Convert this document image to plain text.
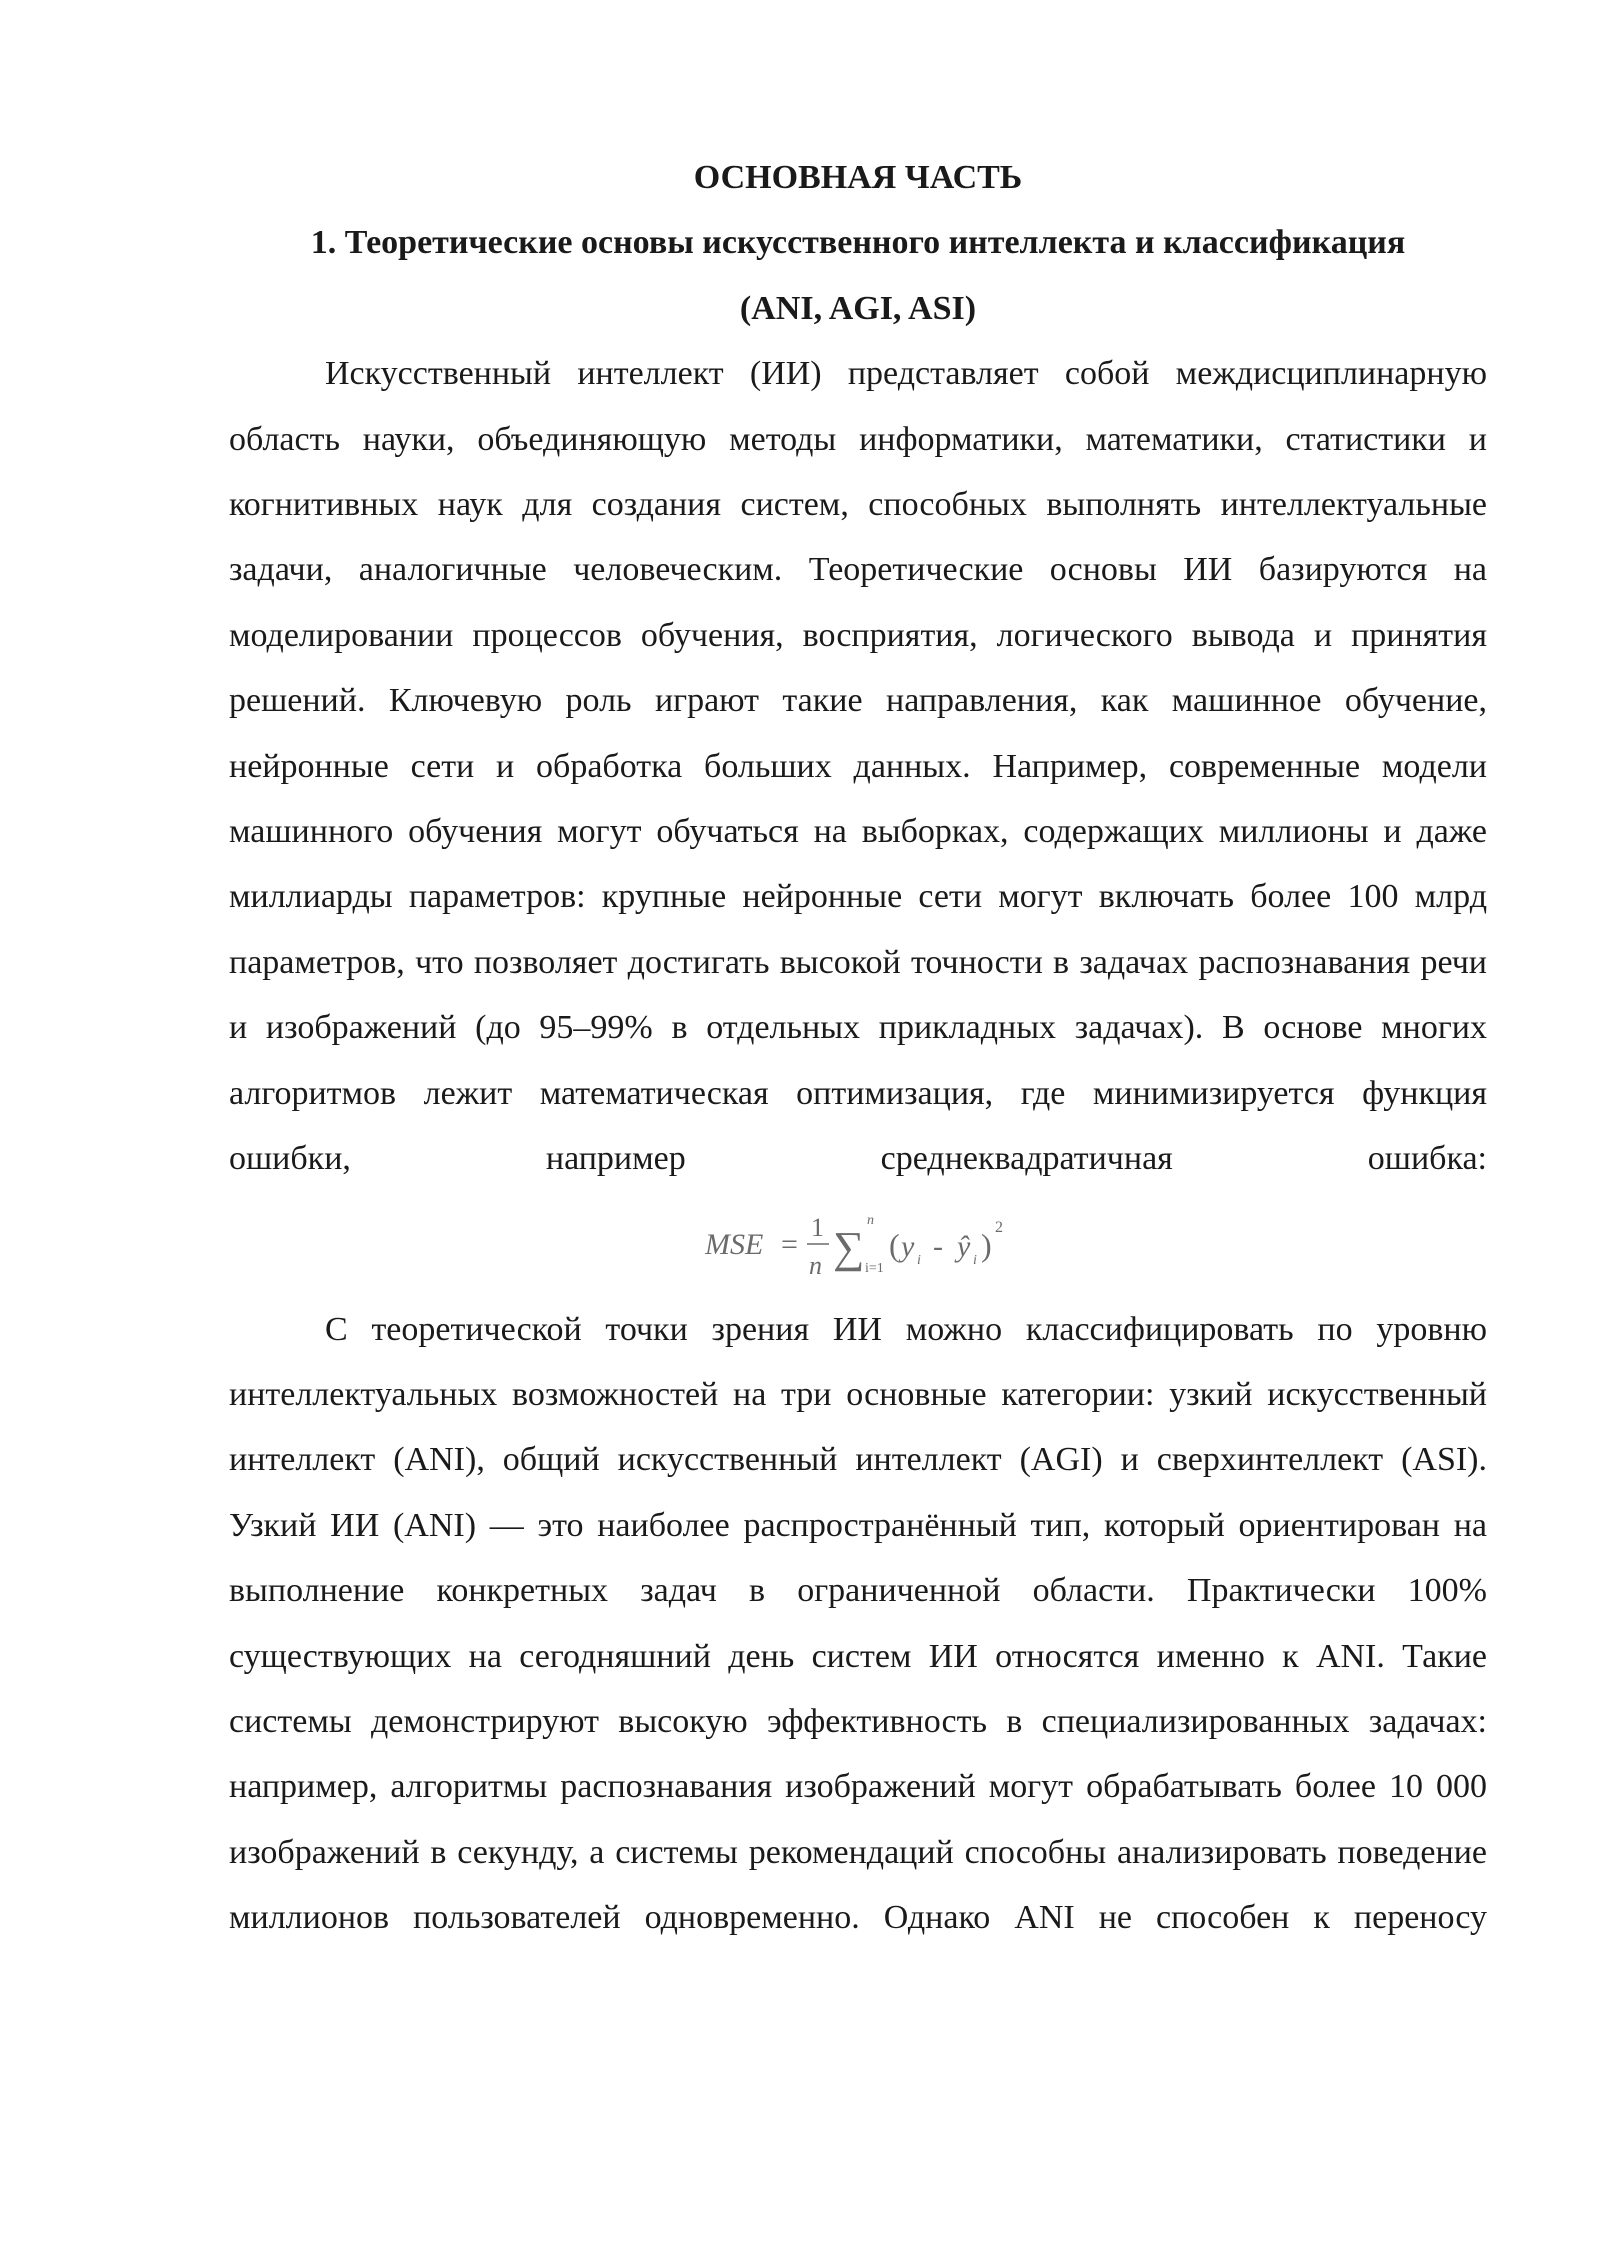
ОСНОВНАЯ ЧАСТЬ
1. Теоретические основы искусственного интеллекта и классификация
(ANI, AGI, ASI)

Искусственный интеллект (ИИ) представляет собой междисциплинарную область науки, объединяющую методы информатики, математики, статистики и когнитивных наук для создания систем, способных выполнять интеллектуальные задачи, аналогичные человеческим. Теоретические основы ИИ базируются на моделировании процессов обучения, восприятия, логического вывода и принятия решений. Ключевую роль играют такие направления, как машинное обучение, нейронные сети и обработка больших данных. Например, современные модели машинного обучения могут обучаться на выборках, содержащих миллионы и даже миллиарды параметров: крупные нейронные сети могут включать более 100 млрд параметров, что позволяет достигать высокой точности в задачах распознавания речи и изображений (до 95–99% в отдельных прикладных задачах). В основе многих алгоритмов лежит математическая оптимизация, где минимизируется функция ошибки, например среднеквадратичная ошибка:

MSE =
1
n ∑
n
i=1
( y i - ŷ i ) 2

С теоретической точки зрения ИИ можно классифицировать по уровню интеллектуальных возможностей на три основные категории: узкий искусственный интеллект (ANI), общий искусственный интеллект (AGI) и сверхинтеллект (ASI). Узкий ИИ (ANI) — это наиболее распространённый тип, который ориентирован на выполнение конкретных задач в ограниченной области. Практически 100% существующих на сегодняшний день систем ИИ относятся именно к ANI. Такие системы демонстрируют высокую эффективность в специализированных задачах: например, алгоритмы распознавания изображений могут обрабатывать более 10 000 изображений в секунду, а системы рекомендаций способны анализировать поведение миллионов пользователей одновременно. Однако ANI не способен к переносу
